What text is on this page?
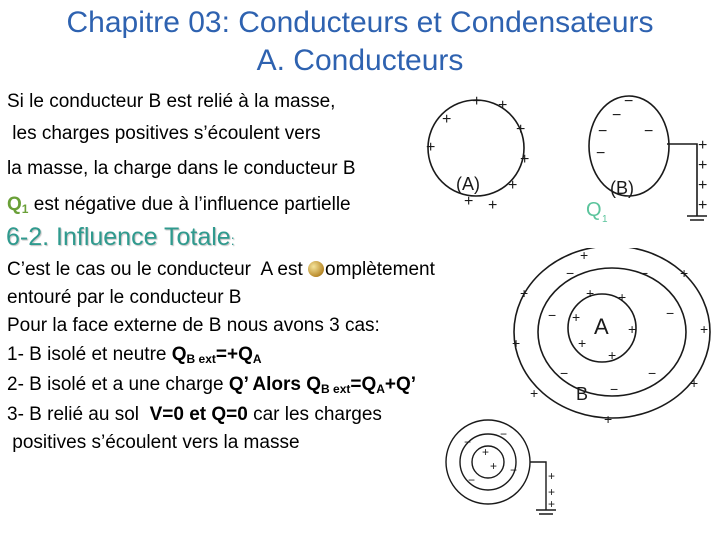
Chapitre 03: Conducteurs et Condensateurs
A. Conducteurs
Si le conducteur B est relié à la masse,
les charges positives s’écoulent vers
la masse, la charge dans le conducteur B
$Q_1$ est négative due à l’influence partielle
6-2. Influence Totale:
C’est le cas ou le conducteur  A est omplètement
entouré par le conducteur B
Pour la face externe de B nous avons 3 cas:
1- B isolé et neutre $Q_{B ext}=+Q_A$
2- B isolé et a une charge Q’ Alors $Q_{B ext}=Q_A+Q$’
3- B relié au sol  V=0 et Q=0 car les charges
positives s’écoulent vers la masse
+ +
+
+
+
+
+
+ +
−
−
−
−
−
+
+
+
+
(A)	(B)
Q 1
+ +
+
+
+
+
−	−
−
−
−	−
−
+
+
+
+
+
+
+
+
A
B
+
+
−
−
−
−	+
+
+
